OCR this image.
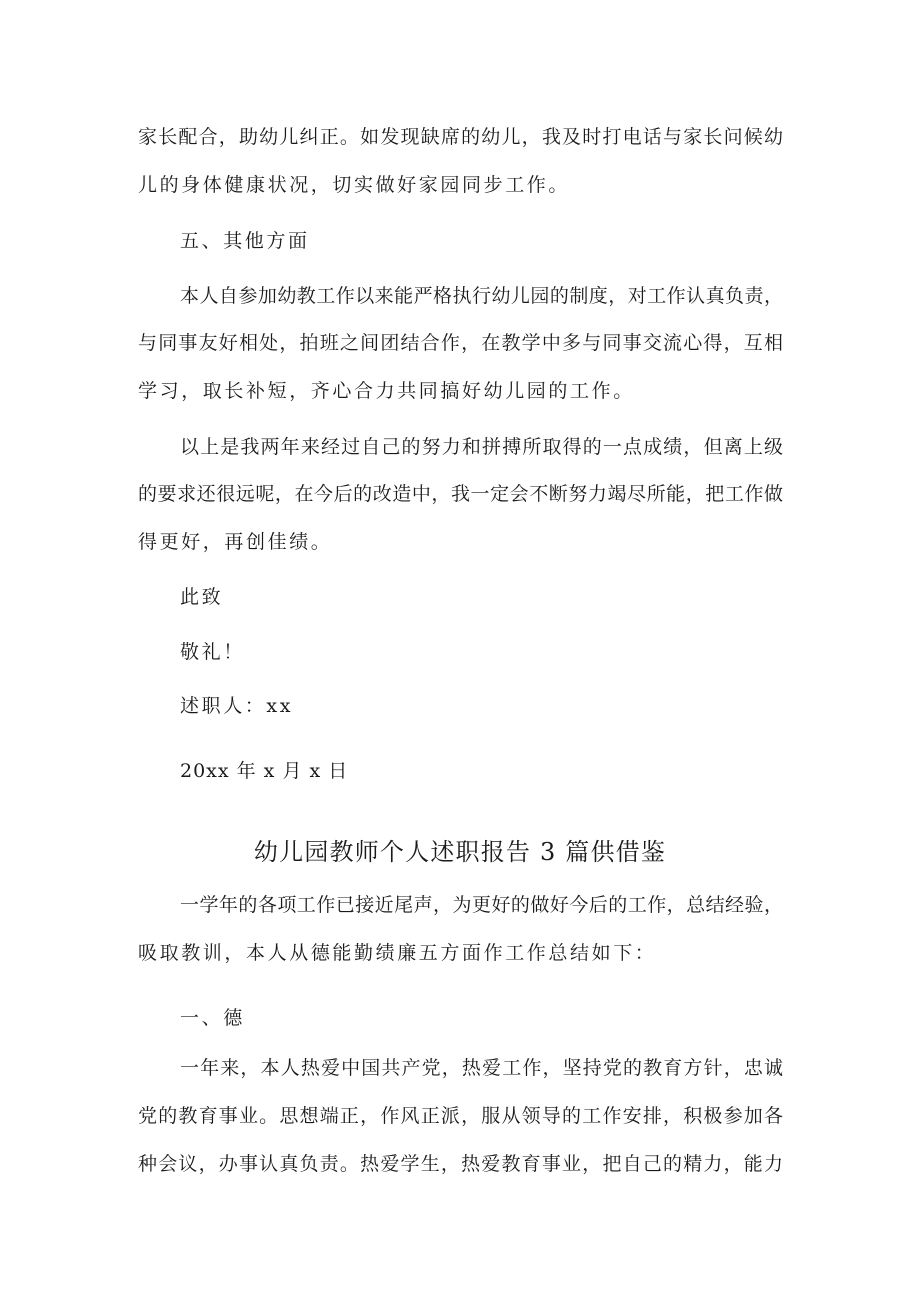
家长配合，助幼儿纠正。如发现缺席的幼儿，我及时打电话与家长问候幼
儿的身体健康状况，切实做好家园同步工作。
五、其他方面
本人自参加幼教工作以来能严格执行幼儿园的制度，对工作认真负责，
与同事友好相处，拍班之间团结合作，在教学中多与同事交流心得，互相
学习，取长补短，齐心合力共同搞好幼儿园的工作。
以上是我两年来经过自己的努力和拼搏所取得的一点成绩，但离上级
的要求还很远呢，在今后的改造中，我一定会不断努力竭尽所能，把工作做
得更好，再创佳绩。
此致
敬礼！
述职人：xx
20xx 年 x 月 x 日
幼儿园教师个人述职报告 3 篇供借鉴
一学年的各项工作已接近尾声，为更好的做好今后的工作，总结经验，
吸取教训，本人从德能勤绩廉五方面作工作总结如下：
一、德
一年来，本人热爱中国共产党，热爱工作，坚持党的教育方针，忠诚
党的教育事业。思想端正，作风正派，服从领导的工作安排，积极参加各
种会议，办事认真负责。热爱学生，热爱教育事业，把自己的精力，能力
